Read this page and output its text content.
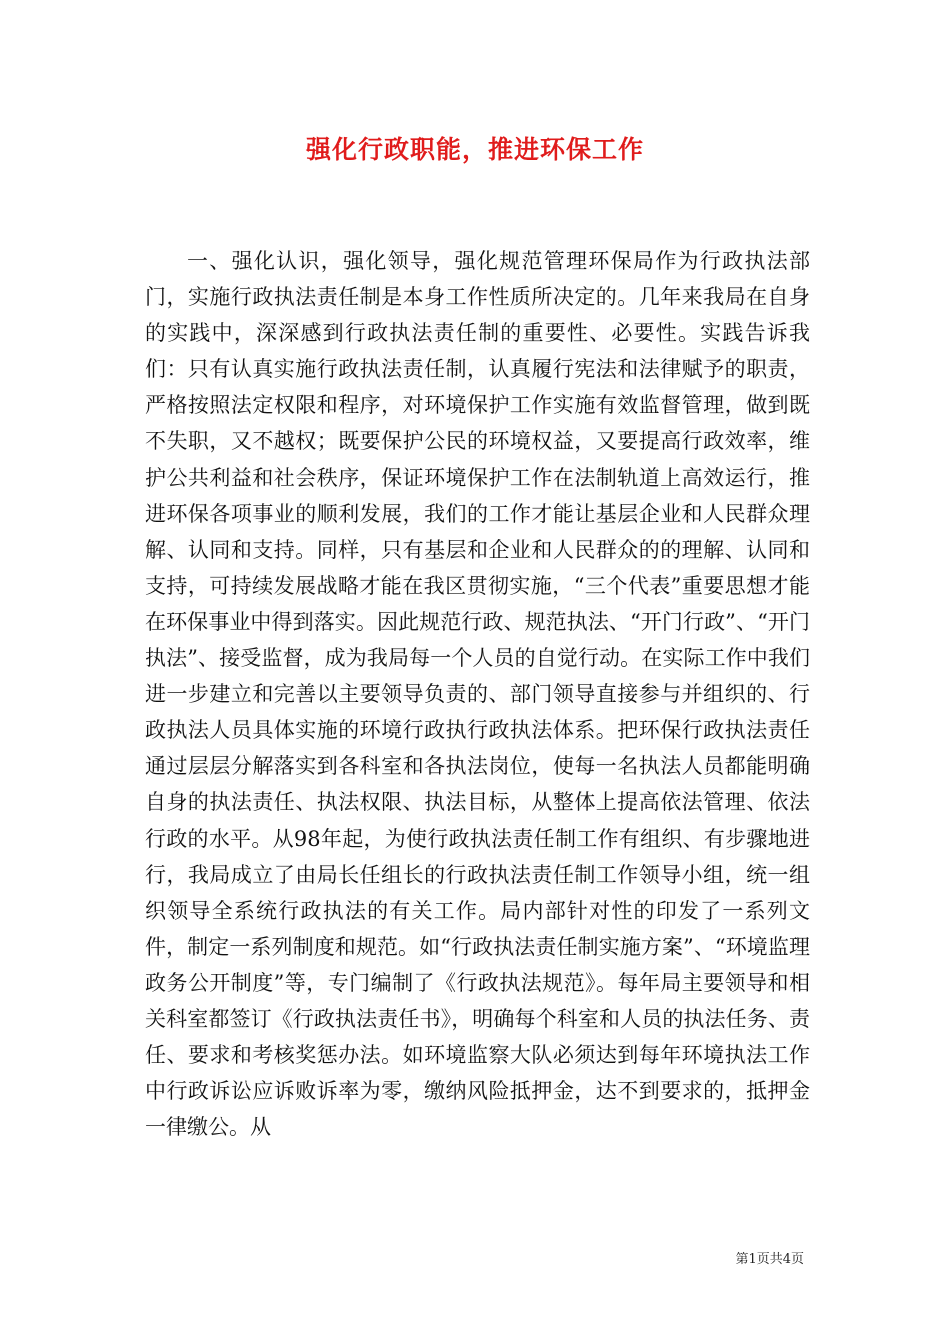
强化行政职能，推进环保工作

一、强化认识，强化领导，强化规范管理环保局作为行政执法部门，实施行政执法责任制是本身工作性质所决定的。几年来我局在自身的实践中，深深感到行政执法责任制的重要性、必要性。实践告诉我们：只有认真实施行政执法责任制，认真履行宪法和法律赋予的职责，严格按照法定权限和程序，对环境保护工作实施有效监督管理，做到既不失职，又不越权；既要保护公民的环境权益，又要提高行政效率，维护公共利益和社会秩序，保证环境保护工作在法制轨道上高效运行，推进环保各项事业的顺利发展，我们的工作才能让基层企业和人民群众理解、认同和支持。同样，只有基层和企业和人民群众的的理解、认同和支持，可持续发展战略才能在我区贯彻实施，“三个代表”重要思想才能在环保事业中得到落实。因此规范行政、规范执法、“开门行政”、“开门执法”、接受监督，成为我局每一个人员的自觉行动。在实际工作中我们进一步建立和完善以主要领导负责的、部门领导直接参与并组织的、行政执法人员具体实施的环境行政执行政执法体系。把环保行政执法责任通过层层分解落实到各科室和各执法岗位，使每一名执法人员都能明确自身的执法责任、执法权限、执法目标，从整体上提高依法管理、依法行政的水平。从98年起，为使行政执法责任制工作有组织、有步骤地进行，我局成立了由局长任组长的行政执法责任制工作领导小组，统一组织领导全系统行政执法的有关工作。局内部针对性的印发了一系列文件，制定一系列制度和规范。如“行政执法责任制实施方案”、“环境监理政务公开制度”等，专门编制了《行政执法规范》。每年局主要领导和相关科室都签订《行政执法责任书》，明确每个科室和人员的执法任务、责任、要求和考核奖惩办法。如环境监察大队必须达到每年环境执法工作中行政诉讼应诉败诉率为零，缴纳风险抵押金，达不到要求的，抵押金一律缴公。从

第1页共4页
